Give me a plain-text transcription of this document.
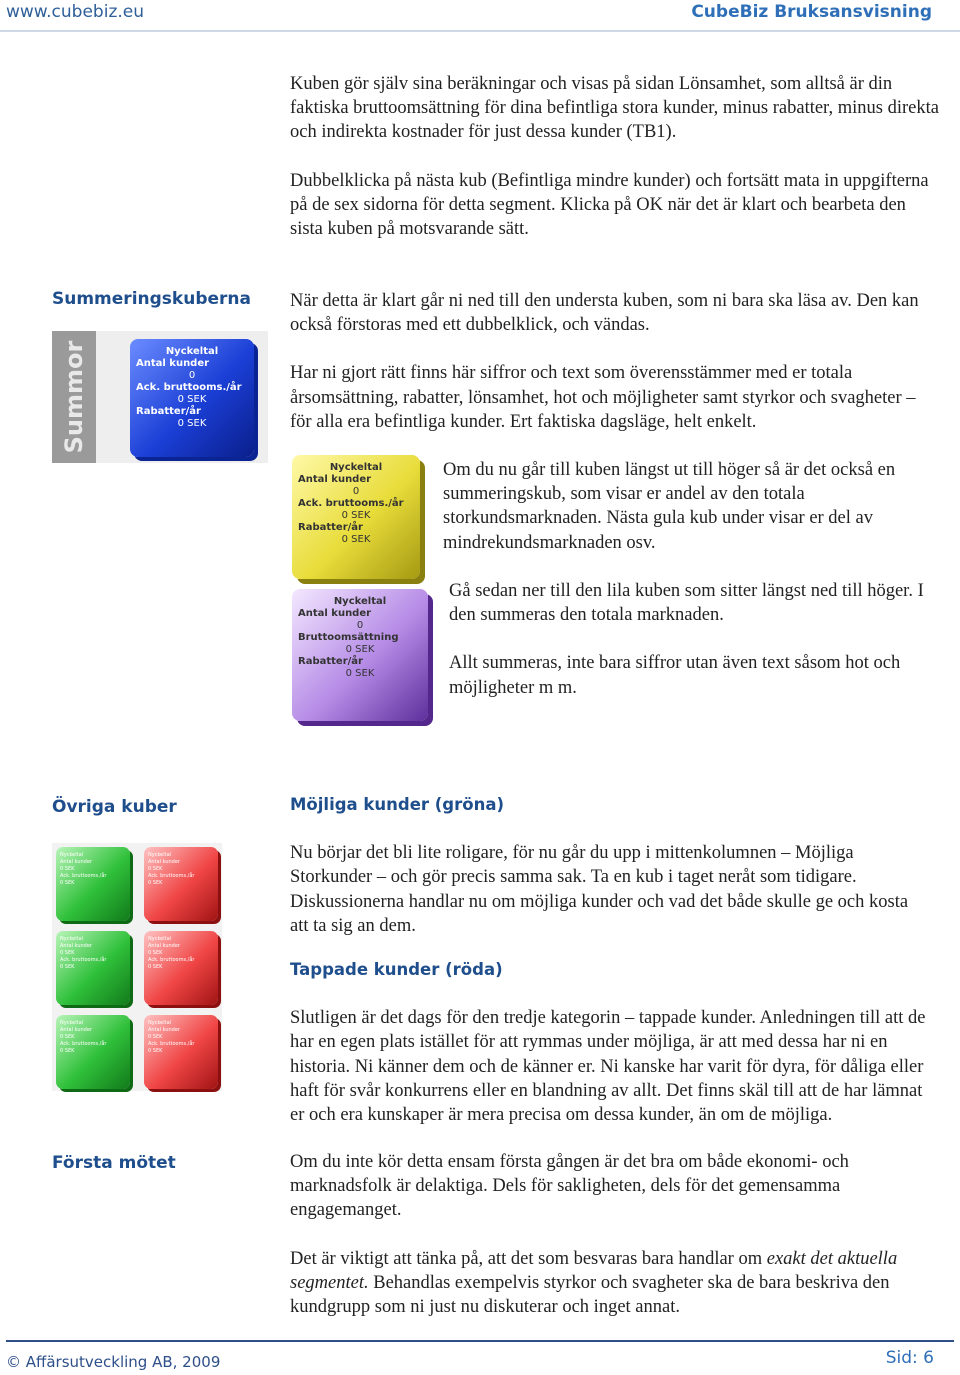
www.cubebiz.eu	CubeBiz Bruksansvisning

Kuben gör själv sina beräkningar och visas på sidan Lönsamhet, som alltså är din faktiska bruttoomsättning för dina befintliga stora kunder, minus rabatter, minus direkta och indirekta kostnader för just dessa kunder (TB1).

Dubbelklicka på nästa kub (Befintliga mindre kunder) och fortsätt mata in uppgifterna på de sex sidorna för detta segment. Klicka på OK när det är klart och bearbeta den sista kuben på motsvarande sätt.

Summeringskuberna När detta är klart går ni ned till den understa kuben, som ni bara ska läsa av. Den kan också förstoras med ett dubbelklick, och vändas.

Har ni gjort rätt finns här siffror och text som överensstämmer med er totala årsomsättning, rabatter, lönsamhet, hot och möjligheter samt styrkor och svagheter – för alla era befintliga kunder. Ert faktiska dagsläge, helt enkelt.

Summor	Nyckeltal
Antal kunder
0
Ack. bruttooms./år
0 SEK
Rabatter/år
0 SEK
Nyckeltal
Antal kunder
0
Ack. bruttooms./år
0 SEK
Rabatter/år
0 SEK

Om du nu går till kuben längst ut till höger så är det också en summeringskub, som visar er andel av den totala storkundsmarknaden. Nästa gula kub under visar er del av mindrekundsmarknaden osv.

Nyckeltal
Antal kunder
0
Bruttoomsättning
0 SEK
Rabatter/år
0 SEK

Gå sedan ner till den lila kuben som sitter längst ned till höger. I den summeras den totala marknaden.

Allt summeras, inte bara siffror utan även text såsom hot och möjligheter m m.

Övriga kuber
Nyckeltal
Antal kunder
0 SEK
Ack. bruttooms./år
0 SEK
Nyckeltal
Antal kunder
0 SEK
Ack. bruttooms./år
0 SEK
Nyckeltal
Antal kunder
0 SEK
Ack. bruttooms./år
0 SEK
Nyckeltal
Antal kunder
0 SEK
Ack. bruttooms./år
0 SEK
Nyckeltal
Antal kunder
0 SEK
Ack. bruttooms./år
0 SEK
Nyckeltal
Antal kunder
0 SEK
Ack. bruttooms./år
0 SEK

Möjliga kunder (gröna)

Nu börjar det bli lite roligare, för nu går du upp i mittenkolumnen – Möjliga Storkunder – och gör precis samma sak. Ta en kub i taget neråt som tidigare. Diskussionerna handlar nu om möjliga kunder och vad det både skulle ge och kosta att ta sig an dem.

Tappade kunder (röda)

Slutligen är det dags för den tredje kategorin – tappade kunder. Anledningen till att de har en egen plats istället för att rymmas under möjliga, är att med dessa har ni en historia. Ni känner dem och de känner er. Ni kanske har varit för dyra, för dåliga eller haft för svår konkurrens eller en blandning av allt. Det finns skäl till att de har lämnat er och era kunskaper är mera precisa om dessa kunder, än om de möjliga.

Första mötet	Om du inte kör detta ensam första gången är det bra om både ekonomi- och marknadsfolk är delaktiga. Dels för sakligheten, dels för det gemensamma engagemanget.

Det är viktigt att tänka på, att det som besvaras bara handlar om exakt det aktuella segmentet. Behandlas exempelvis styrkor och svagheter ska de bara beskriva den kundgrupp som ni just nu diskuterar och inget annat.

© Affärsutveckling AB, 2009	Sid: 6
